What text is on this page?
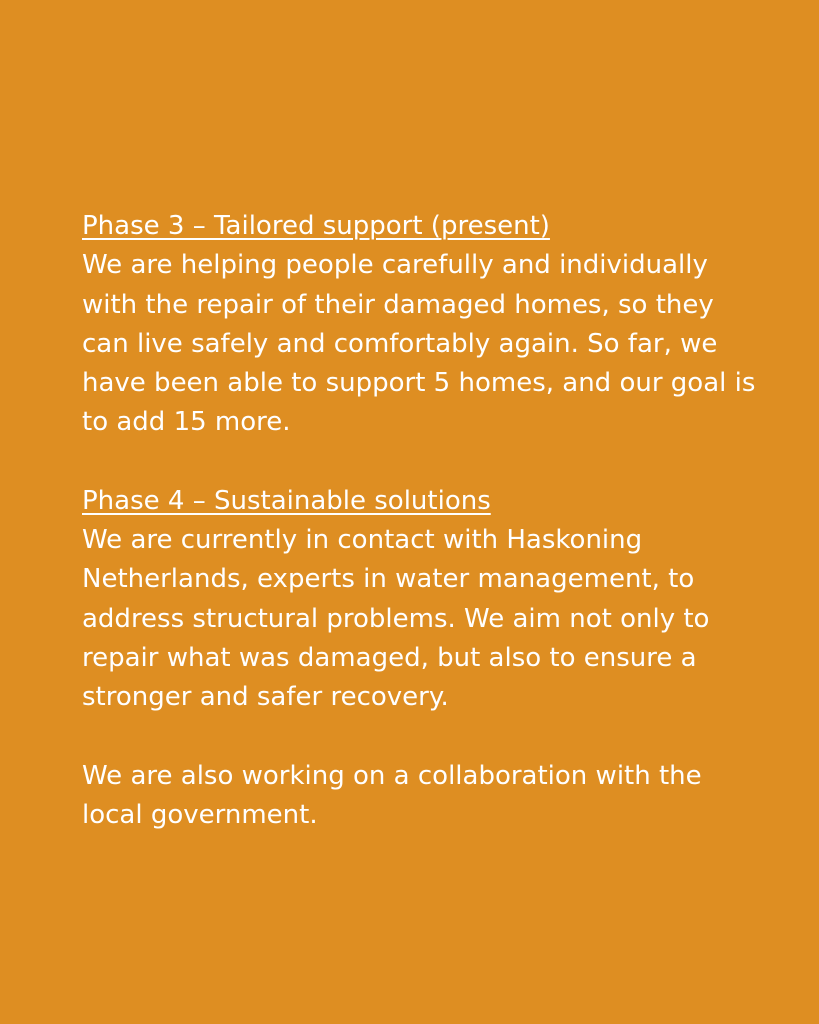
Phase 3 – Tailored support (present)
We are helping people carefully and individually with the repair of their damaged homes, so they can live safely and comfortably again. So far, we have been able to support 5 homes, and our goal is to add 15 more.
Phase 4 – Sustainable solutions
We are currently in contact with Haskoning Netherlands, experts in water management, to address structural problems. We aim not only to repair what was damaged, but also to ensure a stronger and safer recovery.
We are also working on a collaboration with the local government.
